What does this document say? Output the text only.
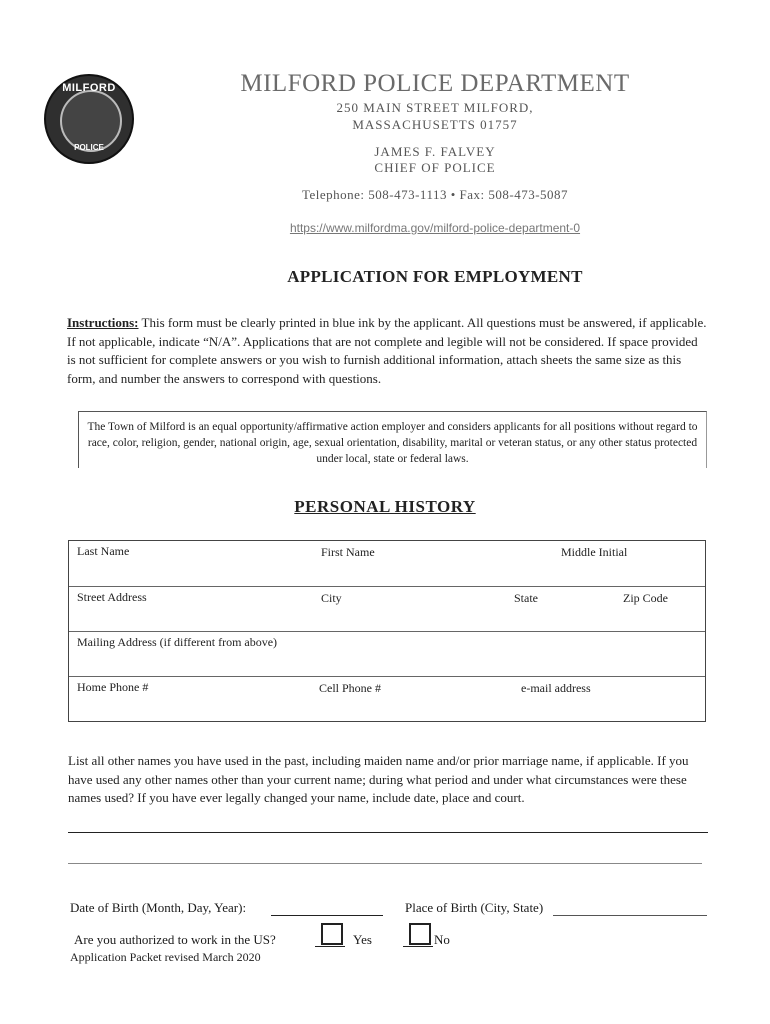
MILFORD
POLICE
MILFORD POLICE DEPARTMENT
250 MAIN STREET MILFORD,
MASSACHUSETTS 01757
JAMES F. FALVEY
CHIEF OF POLICE
Telephone: 508-473-1113 • Fax: 508-473-5087
https://www.milfordma.gov/milford-police-department-0
APPLICATION FOR EMPLOYMENT
Instructions: This form must be clearly printed in blue ink by the applicant. All questions must be answered, if applicable. If not applicable, indicate “N/A”. Applications that are not complete and legible will not be considered. If space provided is not sufficient for complete answers or you wish to furnish additional information, attach sheets the same size as this form, and number the answers to correspond with questions.
The Town of Milford is an equal opportunity/affirmative action employer and considers applicants for all positions without regard to race, color, religion, gender, national origin, age, sexual orientation, disability, marital or veteran status, or any other status protected under local, state or federal laws.
PERSONAL HISTORY
Last Name	First Name	Middle Initial
Street Address	City	State	Zip Code
Mailing Address (if different from above)
Home Phone #	Cell Phone #	e-mail address
List all other names you have used in the past, including maiden name and/or prior marriage name, if applicable. If you have used any other names other than your current name; during what period and under what circumstances were these names used? If you have ever legally changed your name, include date, place and court.
Date of Birth (Month, Day, Year):	Place of Birth (City, State)
Are you authorized to work in the US?	Yes	No
Application Packet revised March 2020
